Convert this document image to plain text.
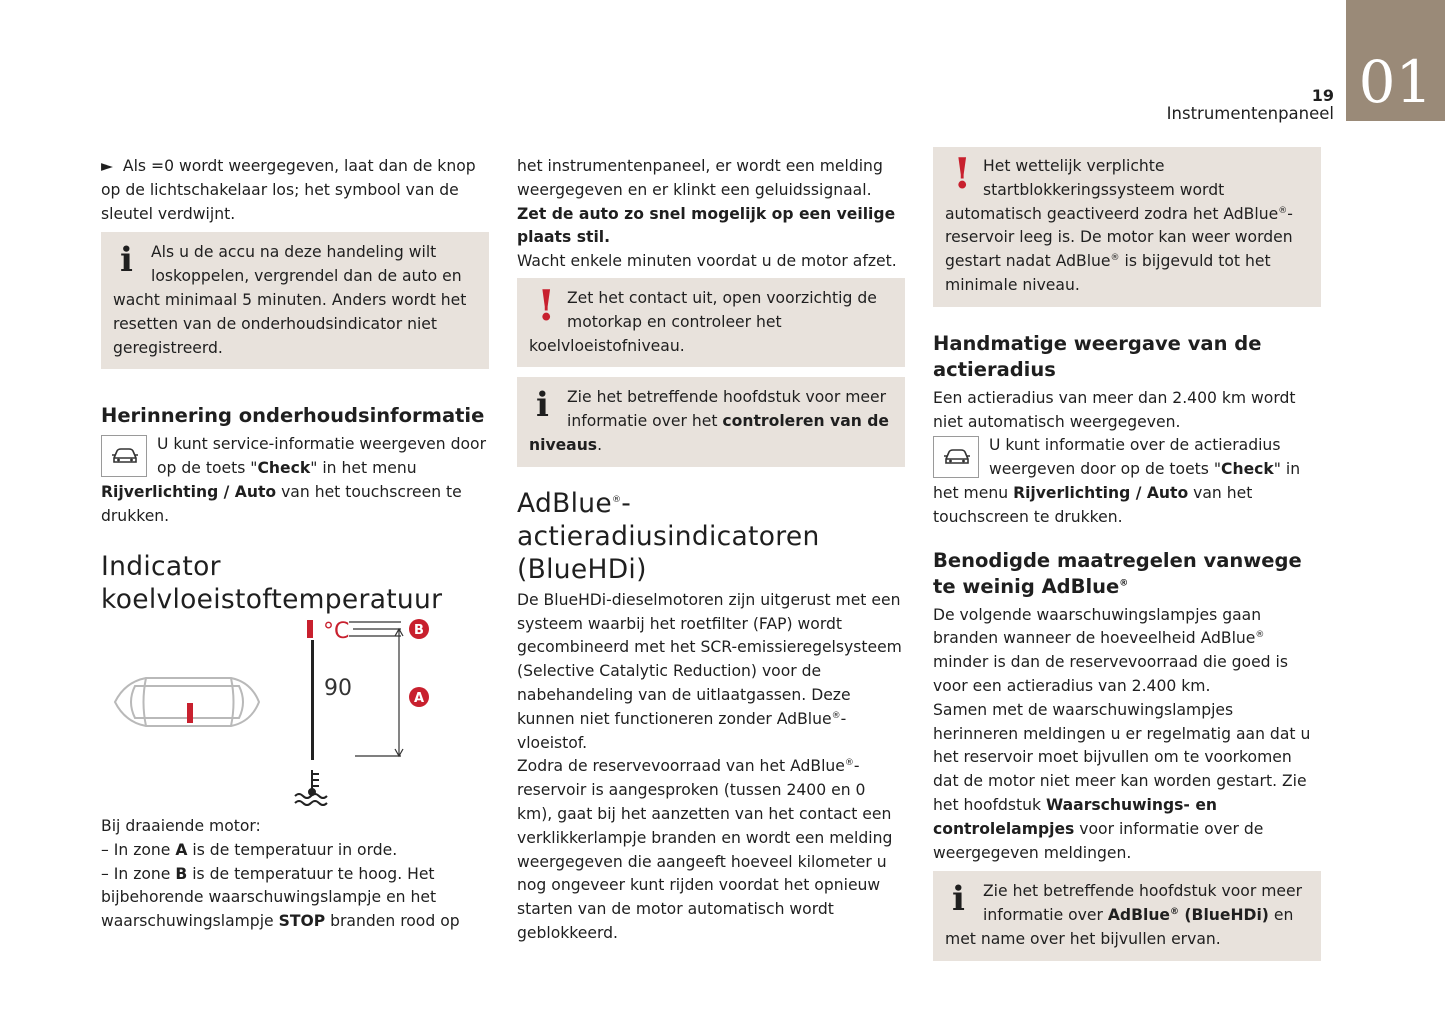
01
19
Instrumentenpaneel

► Als =0 wordt weergegeven, laat dan de knop op de lichtschakelaar los; het symbool van de sleutel verdwijnt.

i Als u de accu na deze handeling wilt loskoppelen, vergrendel dan de auto en wacht minimaal 5 minuten. Anders wordt het resetten van de onderhoudsindicator niet geregistreerd.
Herinnering onderhoudsinformatie

U kunt service-informatie weergeven door op de toets "Check" in het menu Rijverlichting / Auto van het touchscreen te drukken.

Indicator koelvloeistoftemperatuur
°C
90
B
A

Bij draaiende motor:

– In zone A is de temperatuur in orde.

– In zone B is de temperatuur te hoog. Het bijbehorende waarschuwingslampje en het waarschuwingslampje STOP branden rood op

het instrumentenpaneel, er wordt een melding weergegeven en er klinkt een geluidssignaal.

Zet de auto zo snel mogelijk op een veilige plaats stil.

Wacht enkele minuten voordat u de motor afzet.

! Zet het contact uit, open voorzichtig de motorkap en controleer het koelvloeistofniveau.
i Zie het betreffende hoofdstuk voor meer informatie over het controleren van de niveaus.
AdBlue®-actieradiusindicatoren (BlueHDi)

De BlueHDi-dieselmotoren zijn uitgerust met een systeem waarbij het roetfilter (FAP) wordt gecombineerd met het SCR-emissieregelsysteem (Selective Catalytic Reduction) voor de nabehandeling van de uitlaatgassen. Deze kunnen niet functioneren zonder AdBlue®-vloeistof.
Zodra de reservevoorraad van het AdBlue®-reservoir is aangesproken (tussen 2400 en 0 km), gaat bij het aanzetten van het contact een verklikkerlampje branden en wordt een melding weergegeven die aangeeft hoeveel kilometer u nog ongeveer kunt rijden voordat het opnieuw starten van de motor automatisch wordt geblokkeerd.

! Het wettelijk verplichte startblokkeringssysteem wordt automatisch geactiveerd zodra het AdBlue®-reservoir leeg is. De motor kan weer worden gestart nadat AdBlue® is bijgevuld tot het minimale niveau.
Handmatige weergave van de actieradius

Een actieradius van meer dan 2.400 km wordt niet automatisch weergegeven.

U kunt informatie over de actieradius weergeven door op de toets "Check" in het menu Rijverlichting / Auto van het touchscreen te drukken.

Benodigde maatregelen vanwege te weinig AdBlue®

De volgende waarschuwingslampjes gaan branden wanneer de hoeveelheid AdBlue® minder is dan de reservevoorraad die goed is voor een actieradius van 2.400 km.
Samen met de waarschuwingslampjes herinneren meldingen u er regelmatig aan dat u het reservoir moet bijvullen om te voorkomen dat de motor niet meer kan worden gestart. Zie het hoofdstuk Waarschuwings- en controlelampjes voor informatie over de weergegeven meldingen.

i Zie het betreffende hoofdstuk voor meer informatie over AdBlue® (BlueHDi) en met name over het bijvullen ervan.
